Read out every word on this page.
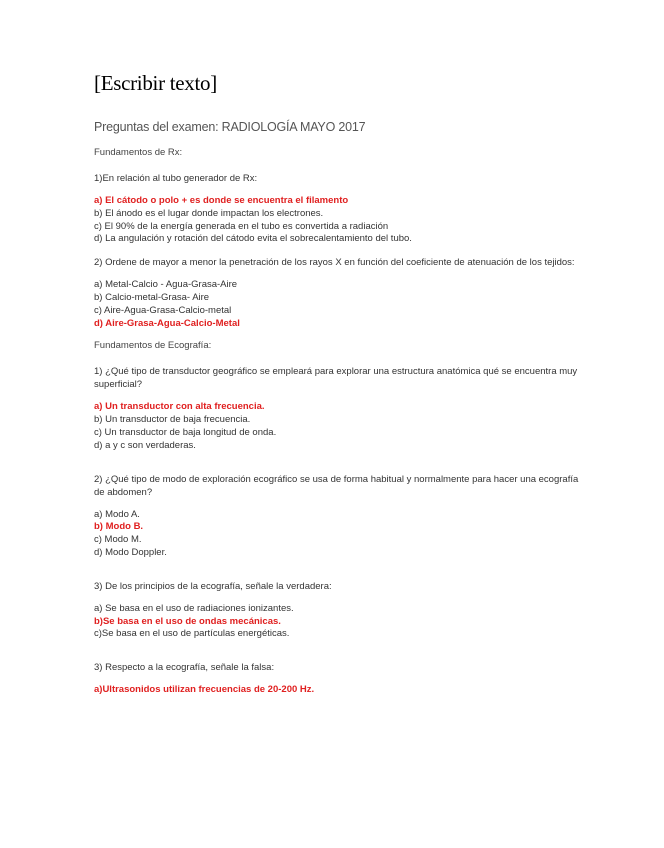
[Escribir texto]
Preguntas del examen: RADIOLOGÍA MAYO 2017
Fundamentos de Rx:
1)En relación al tubo generador de Rx:
a) El cátodo o polo + es donde se encuentra el filamento
b) El ánodo es el lugar donde impactan los electrones.
c) El 90% de la energía generada en el tubo es convertida a radiación
d) La angulación y rotación del cátodo evita el sobrecalentamiento del tubo.
2) Ordene de mayor a menor la penetración de los rayos X en función del coeficiente de atenuación de los tejidos:
a) Metal-Calcio - Agua-Grasa-Aire
b) Calcio-metal-Grasa- Aire
c) Aire-Agua-Grasa-Calcio-metal
d) Aire-Grasa-Agua-Calcio-Metal
Fundamentos de Ecografía:
1) ¿Qué tipo de transductor geográfico se empleará para explorar una estructura anatómica qué se encuentra muy superficial?
a) Un transductor con alta frecuencia.
b) Un transductor de baja frecuencia.
c) Un transductor de baja longitud de onda.
d) a y c son verdaderas.
2) ¿Qué tipo de modo de exploración ecográfico se usa de forma habitual y normalmente para hacer una ecografía de abdomen?
a) Modo A.
b) Modo B.
c) Modo M.
d) Modo Doppler.
3) De los principios de la ecografía, señale la verdadera:
a) Se basa en el uso de radiaciones ionizantes.
b)Se basa en el uso de ondas mecánicas.
c)Se basa en el uso de partículas energéticas.
3) Respecto a la ecografía, señale la falsa:
a)Ultrasonidos utilizan frecuencias de 20-200 Hz.
